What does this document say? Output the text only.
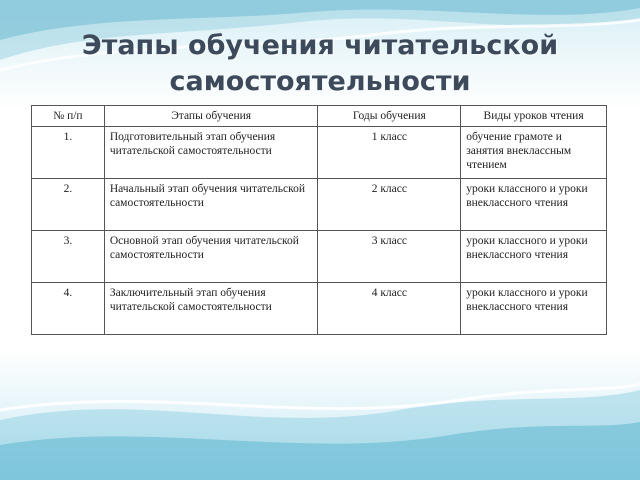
Этапы обучения читательской
самостоятельности
№ п/п	Этапы обучения	Годы обучения	Виды уроков чтения
1.	Подготовительный этап обучения читательской самостоятельности	1 класс	обучение грамоте и занятия внеклассным чтением
2.	Начальный этап обучения читательской самостоятельности	2 класс	уроки классного и уроки внеклассного чтения
3.	Основной этап обучения читательской самостоятельности	3 класс	уроки классного и уроки внеклассного чтения
4.	Заключительный этап обучения читательской самостоятельности	4 класс	уроки классного и уроки внеклассного чтения
